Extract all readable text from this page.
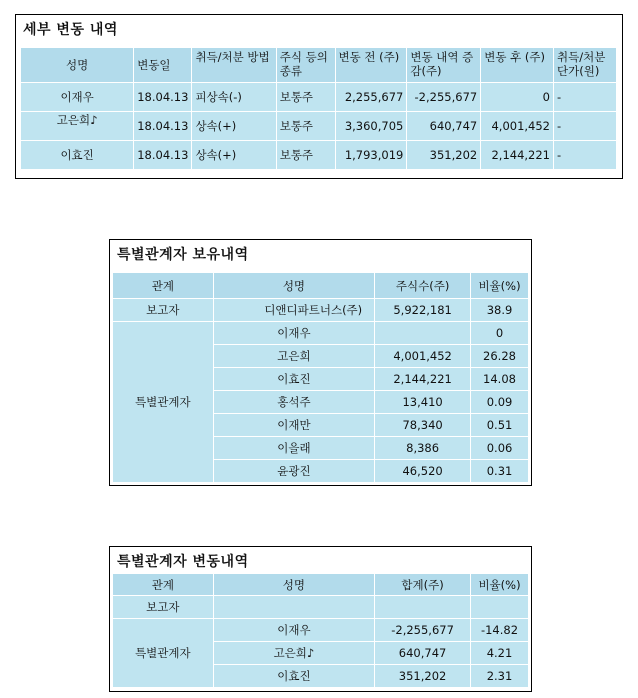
세부 변동 내역
성명	변동일	취득/처분 방법	주식 등의 종류	변동 전 (주)	변동 내역 증감(주)	변동 후 (주)	취득/처분 단가(원)
이재우	18.04.13	피상속(-)	보통주	2,255,677	-2,255,677	0	-
고은희♪	18.04.13	상속(+)	보통주	3,360,705	640,747	4,001,452	-
이효진	18.04.13	상속(+)	보통주	1,793,019	351,202	2,144,221	-
특별관계자 보유내역
관계	성명	주식수(주)	비율(%)
보고자	디앤디파트너스(주)	5,922,181	38.9
특별관계자	이재우		0
	고은희	4,001,452	26.28
	이효진	2,144,221	14.08
	홍석주	13,410	0.09
	이재만	78,340	0.51
	이을래	8,386	0.06
	윤광진	46,520	0.31
특별관계자 변동내역
관계	성명	합계(주)	비율(%)
보고자			
특별관계자	이재우	-2,255,677	-14.82
	고은희♪	640,747	4.21
	이효진	351,202	2.31
